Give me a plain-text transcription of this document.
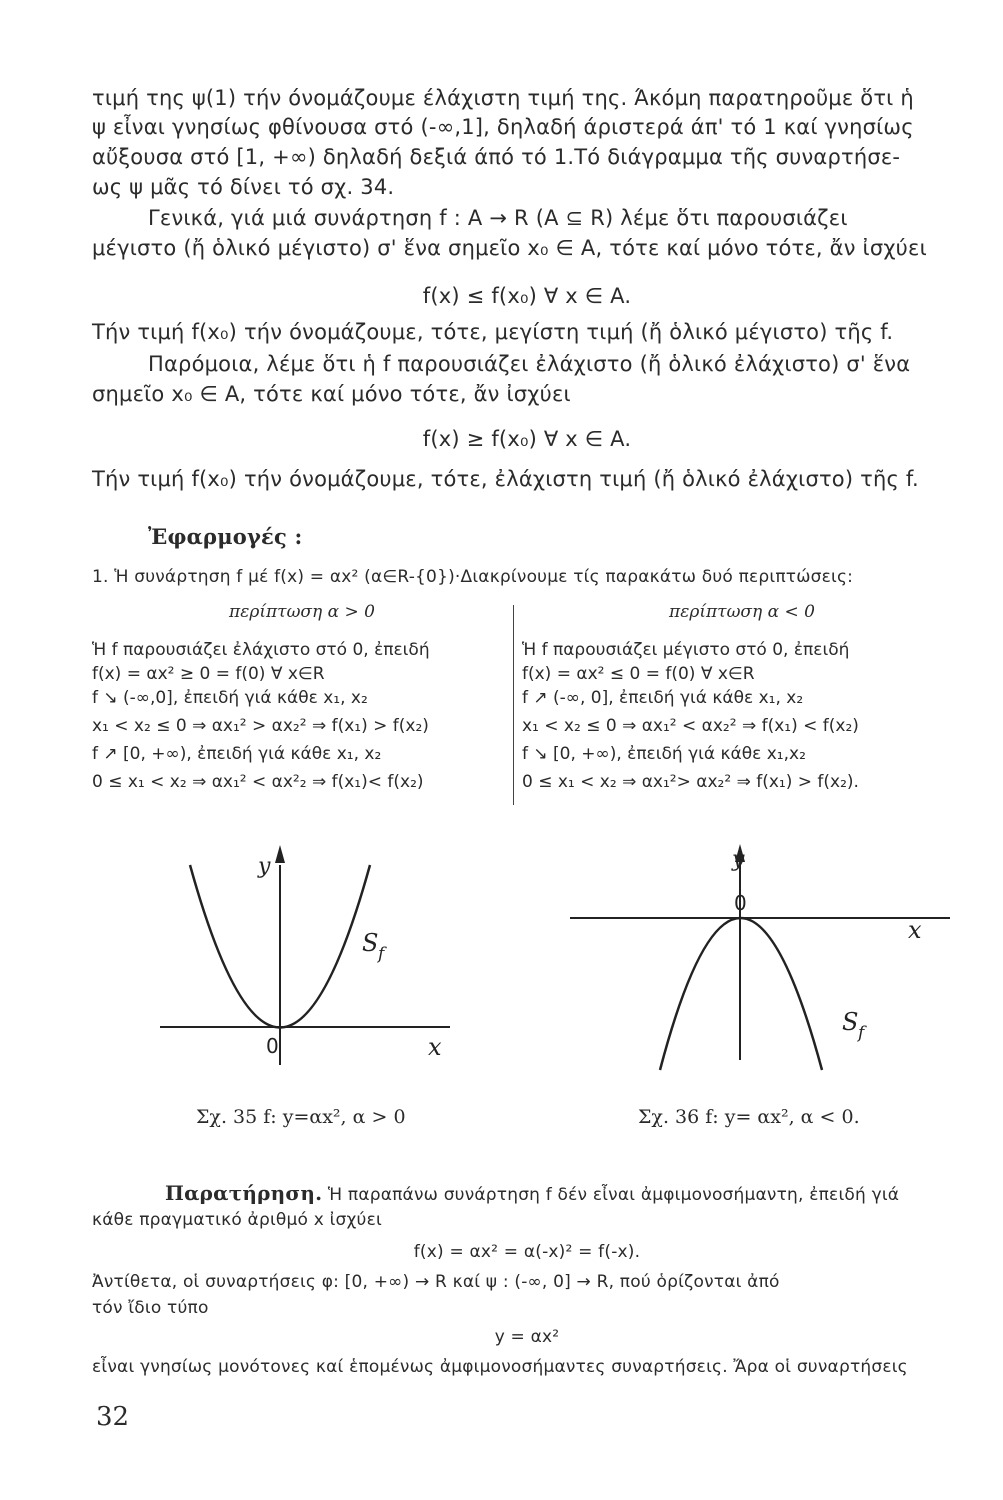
τιμή της ψ(1) τήν όνομάζουμε έλάχιστη τιμή της. Άκόμη παρατηροῦμε ὅτι ἡ
ψ εἶναι γνησίως φθίνουσα στό (-∞,1], δηλαδή άριστερά άπ' τό 1 καί γνησίως
αὔξουσα στό [1, +∞) δηλαδή δεξιά άπό τό 1.Τό διάγραμμα τῆς συναρτήσε-
ως ψ μᾶς τό δίνει τό σχ. 34.
Γενικά, γιά μιά συνάρτηση f : A → R (A ⊆ R) λέμε ὅτι παρουσιάζει
μέγιστο (ἤ ὁλικό μέγιστο) σ' ἕνα σημεῖο x₀ ∈ A, τότε καί μόνο τότε, ἄν ἰσχύει
f(x) ≤ f(x₀) ∀ x ∈ A.
Τήν τιμή f(x₀) τήν όνομάζουμε, τότε, μεγίστη τιμή (ἤ ὁλικό μέγιστο) τῆς f.
Παρόμοια, λέμε ὅτι ἡ f παρουσιάζει ἐλάχιστο (ἤ ὁλικό ἐλάχιστο) σ' ἕνα
σημεῖο x₀ ∈ A, τότε καί μόνο τότε, ἄν ἰσχύει
f(x) ≥ f(x₀) ∀ x ∈ A.
Τήν τιμή f(x₀) τήν όνομάζουμε, τότε, ἐλάχιστη τιμή (ἤ ὁλικό ἐλάχιστο) τῆς f.
Ἐφαρμογές :
1. Ἡ συνάρτηση f μέ f(x) = αx² (α∈R-{0})·Διακρίνουμε τίς παρακάτω δυό περιπτώσεις:
περίπτωση α > 0	περίπτωση α < 0
Ἡ f παρουσιάζει ἐλάχιστο στό 0, ἐπειδή
f(x) = αx² ≥ 0 = f(0) ∀ x∈R
f ↘ (-∞,0], ἐπειδή γιά κάθε x₁, x₂
x₁ < x₂ ≤ 0 ⇒ αx₁² > αx₂² ⇒ f(x₁) > f(x₂)
f ↗ [0, +∞), ἐπειδή γιά κάθε x₁, x₂
0 ≤ x₁ < x₂ ⇒ αx₁² < αx²₂ ⇒ f(x₁)< f(x₂)
Ἡ f παρουσιάζει μέγιστο στό 0, ἐπειδή
f(x) = αx² ≤ 0 = f(0) ∀ x∈R
f ↗ (-∞, 0], ἐπειδή γιά κάθε x₁, x₂
x₁ < x₂ ≤ 0 ⇒ αx₁² < αx₂² ⇒ f(x₁) < f(x₂)
f ↘ [0, +∞), ἐπειδή γιά κάθε x₁,x₂
0 ≤ x₁ < x₂ ⇒ αx₁²> αx₂² ⇒ f(x₁) > f(x₂).
y
x
0
S f
Σχ. 35 f: y=αx², α > 0
y
x
0
S f
Σχ. 36 f: y= αx², α < 0.
Παρατήρηση. Ἡ παραπάνω συνάρτηση f δέν εἶναι ἀμφιμονοσήμαντη, ἐπειδή γιά
κάθε πραγματικό ἀριθμό x ἰσχύει
f(x) = αx² = α(-x)² = f(-x).
Ἀντίθετα, οἱ συναρτήσεις φ: [0, +∞) → R καί ψ : (-∞, 0] → R, πού ὁρίζονται ἀπό
τόν ἴδιο τύπο
y = αx²
εἶναι γνησίως μονότονες καί ἑπομένως ἀμφιμονοσήμαντες συναρτήσεις. Ἄρα οἱ συναρτήσεις
32
